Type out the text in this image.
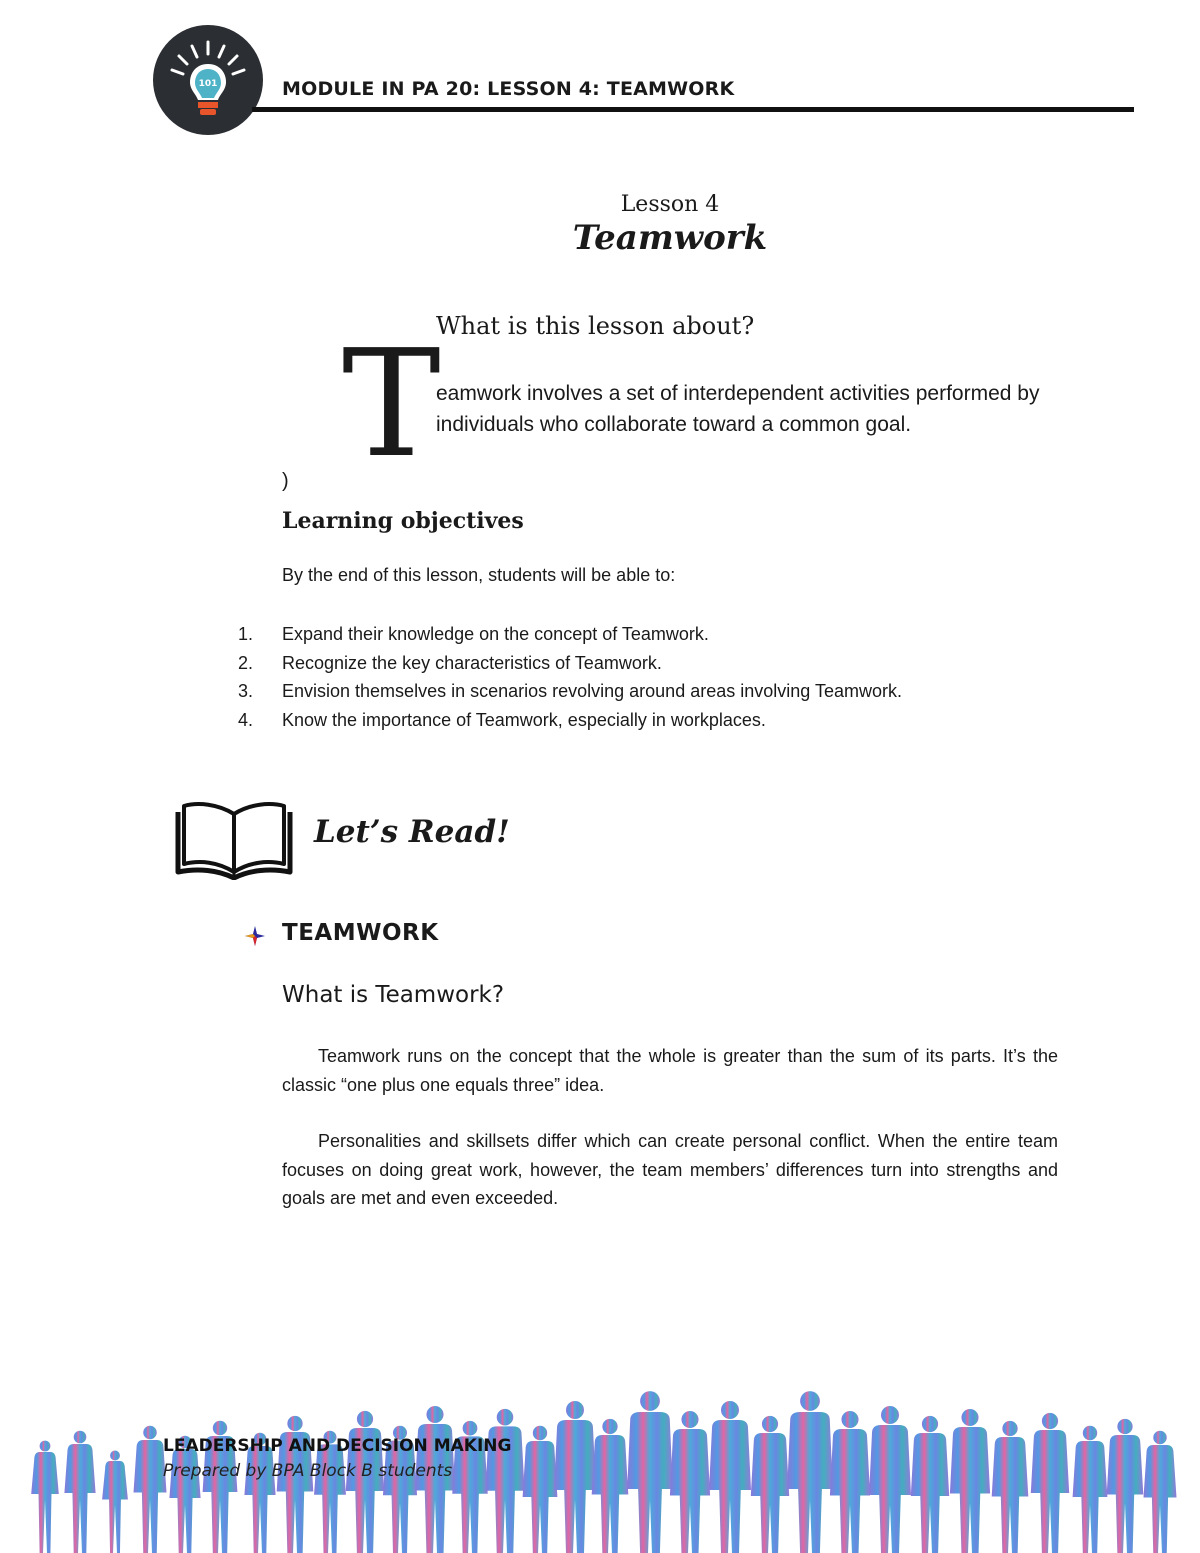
101	MODULE IN PA 20: LESSON 4: TEAMWORK
Lesson 4
Teamwork
What is this lesson about?
T
eamwork involves a set of interdependent activities performed by individuals who collaborate toward a common goal.
)
Learning objectives
By the end of this lesson, students will be able to:
1. Expand their knowledge on the concept of Teamwork.
2. Recognize the key characteristics of Teamwork.
3. Envision themselves in scenarios revolving around areas involving Teamwork.
4. Know the importance of Teamwork, especially in workplaces.
Let’s Read!
TEAMWORK
What is Teamwork?
Teamwork runs on the concept that the whole is greater than the sum of its parts. It’s the classic “one plus one equals three” idea.
Personalities and skillsets differ which can create personal conflict. When the entire team focuses on doing great work, however, the team members’ differences turn into strengths and goals are met and even exceeded.
LEADERSHIP AND DECISION MAKING
Prepared by BPA Block B students
